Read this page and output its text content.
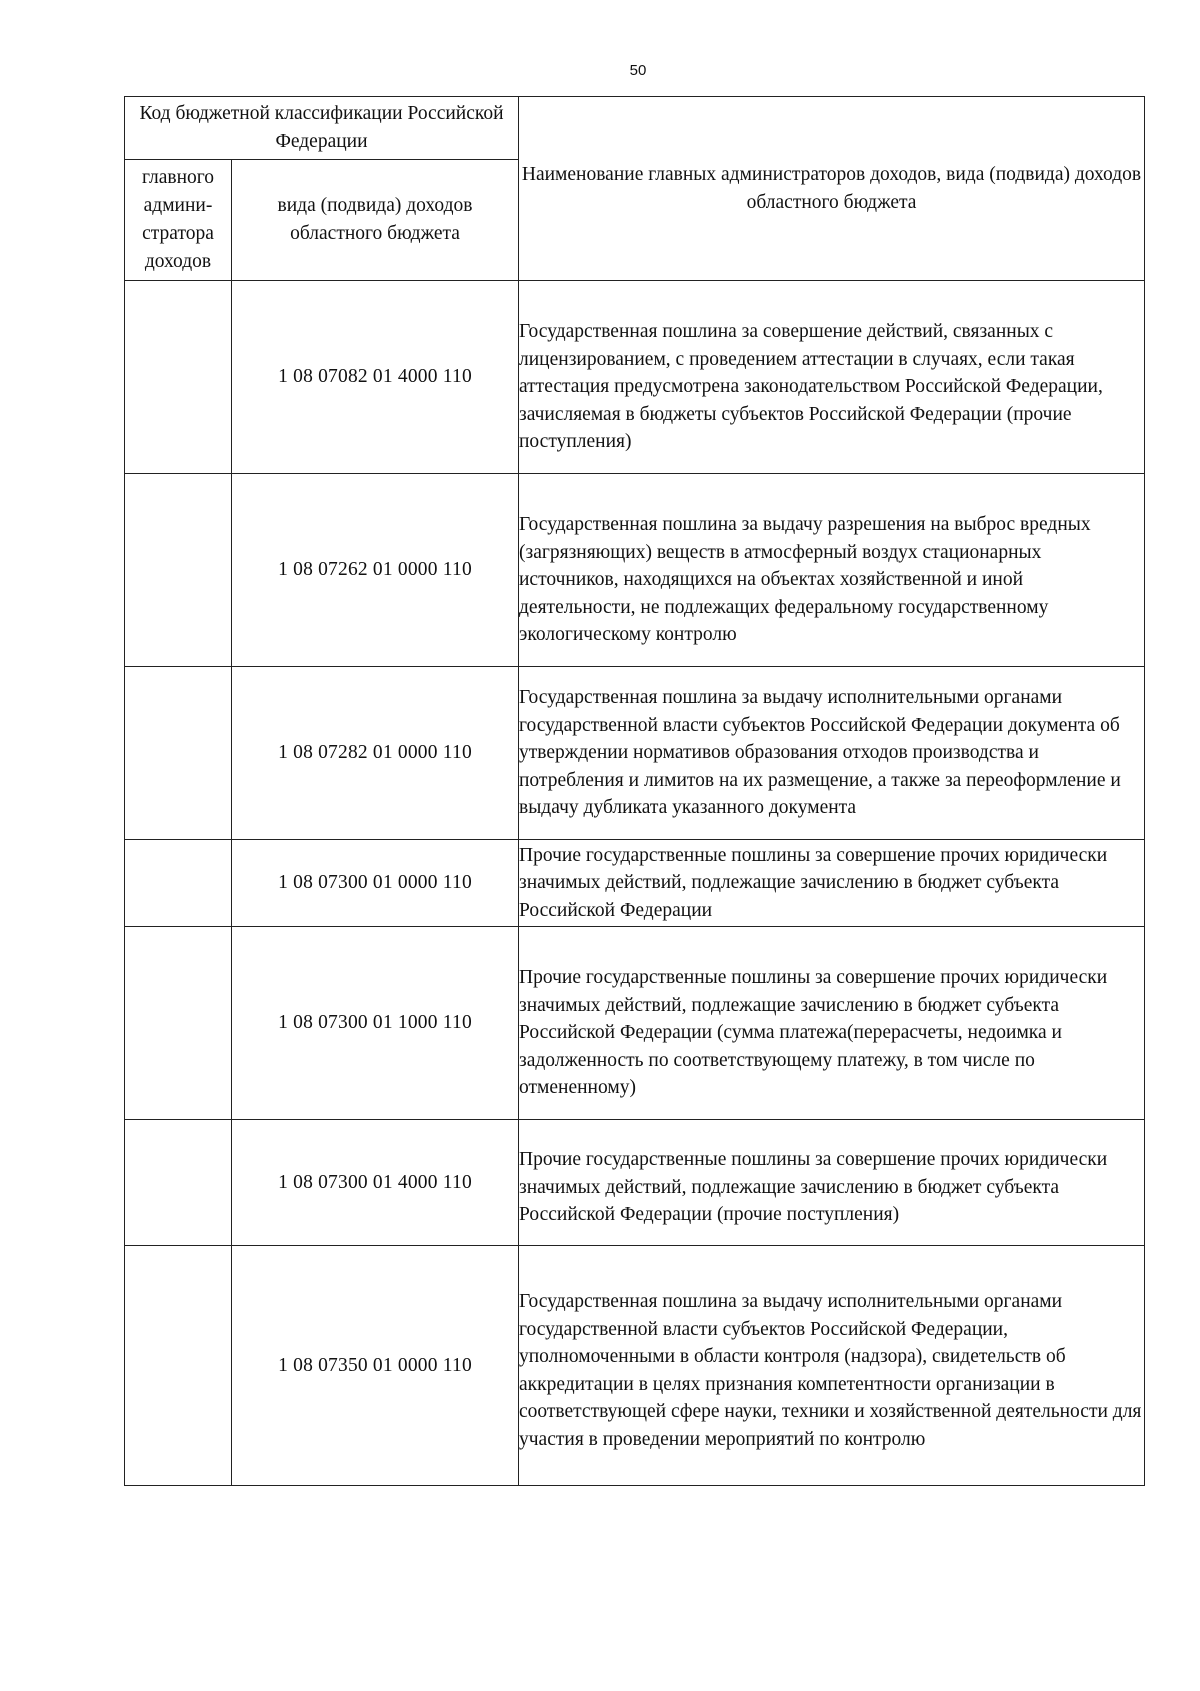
50
Код бюджетной классификации Российской Федерации		Наименование главных администраторов доходов, вида (подвида) доходов областного бюджета
главного админи-стратора доходов	вида (подвида) доходов областного бюджета	
	1 08 07082 01 4000 110	Государственная пошлина за совершение действий, связанных с лицензированием, с проведением аттестации в случаях, если такая аттестация предусмотрена законодательством Российской Федерации, зачисляемая в бюджеты субъектов Российской Федерации (прочие поступления)
	1 08 07262 01 0000 110	Государственная пошлина за выдачу разрешения на выброс вредных (загрязняющих) веществ в атмосферный воздух стационарных источников, находящихся на объектах хозяйственной и иной деятельности, не подлежащих федеральному государственному экологическому контролю
	1 08 07282 01 0000 110	Государственная пошлина за выдачу исполнительными органами государственной власти субъектов Российской Федерации документа об утверждении нормативов образования отходов производства и потребления и лимитов на их размещение, а также за переоформление и выдачу дубликата указанного документа
	1 08 07300 01 0000 110	Прочие государственные пошлины за совершение прочих юридически значимых действий, подлежащие зачислению в бюджет субъекта Российской Федерации
	1 08 07300 01 1000 110	Прочие государственные пошлины за совершение прочих юридически значимых действий, подлежащие зачислению в бюджет субъекта Российской Федерации (сумма платежа(перерасчеты, недоимка и задолженность по соответствующему платежу, в том числе по отмененному)
	1 08 07300 01 4000 110	Прочие государственные пошлины за совершение прочих юридически значимых действий, подлежащие зачислению в бюджет субъекта Российской Федерации (прочие поступления)
	1 08 07350 01 0000 110	Государственная пошлина за выдачу исполнительными органами государственной власти субъектов Российской Федерации, уполномоченными в области контроля (надзора), свидетельств об аккредитации в целях признания компетентности организации в соответствующей сфере науки, техники и хозяйственной деятельности для участия в проведении мероприятий по контролю
